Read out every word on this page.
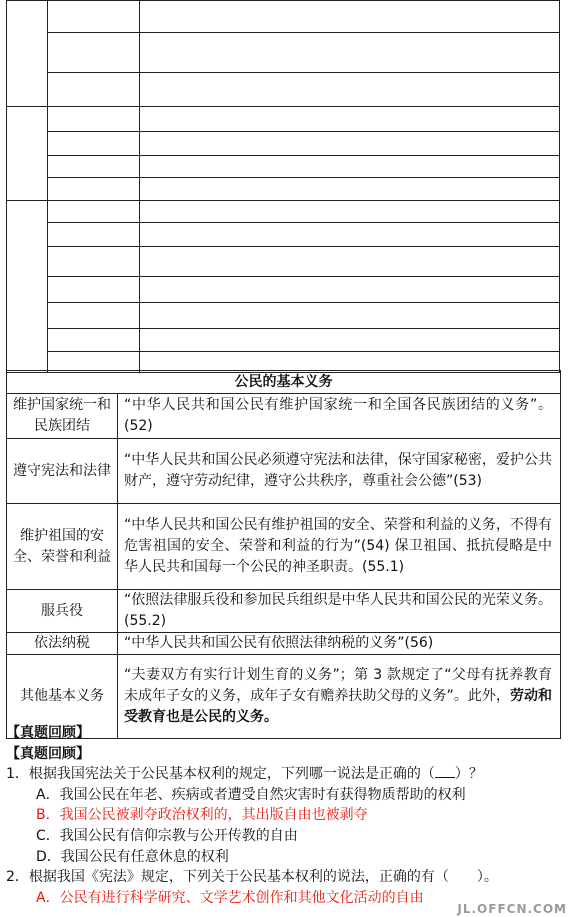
公民的基本义务	
维护国家统一和民族团结	“中华人民共和国公民有维护国家统一和全国各民族团结的义务”。(52)
遵守宪法和法律	“中华人民共和国公民必须遵守宪法和法律，保守国家秘密，爱护公共财产，遵守劳动纪律，遵守公共秩序，尊重社会公德”(53)
维护祖国的安全、荣誉和利益	“中华人民共和国公民有维护祖国的安全、荣誉和利益的义务，不得有危害祖国的安全、荣誉和利益的行为”(54) 保卫祖国、抵抗侵略是中华人民共和国每一个公民的神圣职责。(55.1)
服兵役	“依照法律服兵役和参加民兵组织是中华人民共和国公民的光荣义务。(55.2)
依法纳税	“中华人民共和国公民有依照法律纳税的义务”(56)
其他基本义务	“夫妻双方有实行计划生育的义务”；第 3 款规定了“父母有抚养教育未成年子女的义务，成年子女有赡养扶助父母的义务”。此外，劳动和受教育也是公民的义务。
【真题回顾】
【真题回顾】
1．根据我国宪法关于公民基本权利的规定，下列哪一说法是正确的（ ）？
A．我国公民在年老、疾病或者遭受自然灾害时有获得物质帮助的权利
B．我国公民被剥夺政治权利的，其出版自由也被剥夺
C．我国公民有信仰宗教与公开传教的自由
D．我国公民有任意休息的权利
2．根据我国《宪法》规定，下列关于公民基本权利的说法，正确的有（　　）。
A．公民有进行科学研究、文学艺术创作和其他文化活动的自由
JL.OFFCN.COM
